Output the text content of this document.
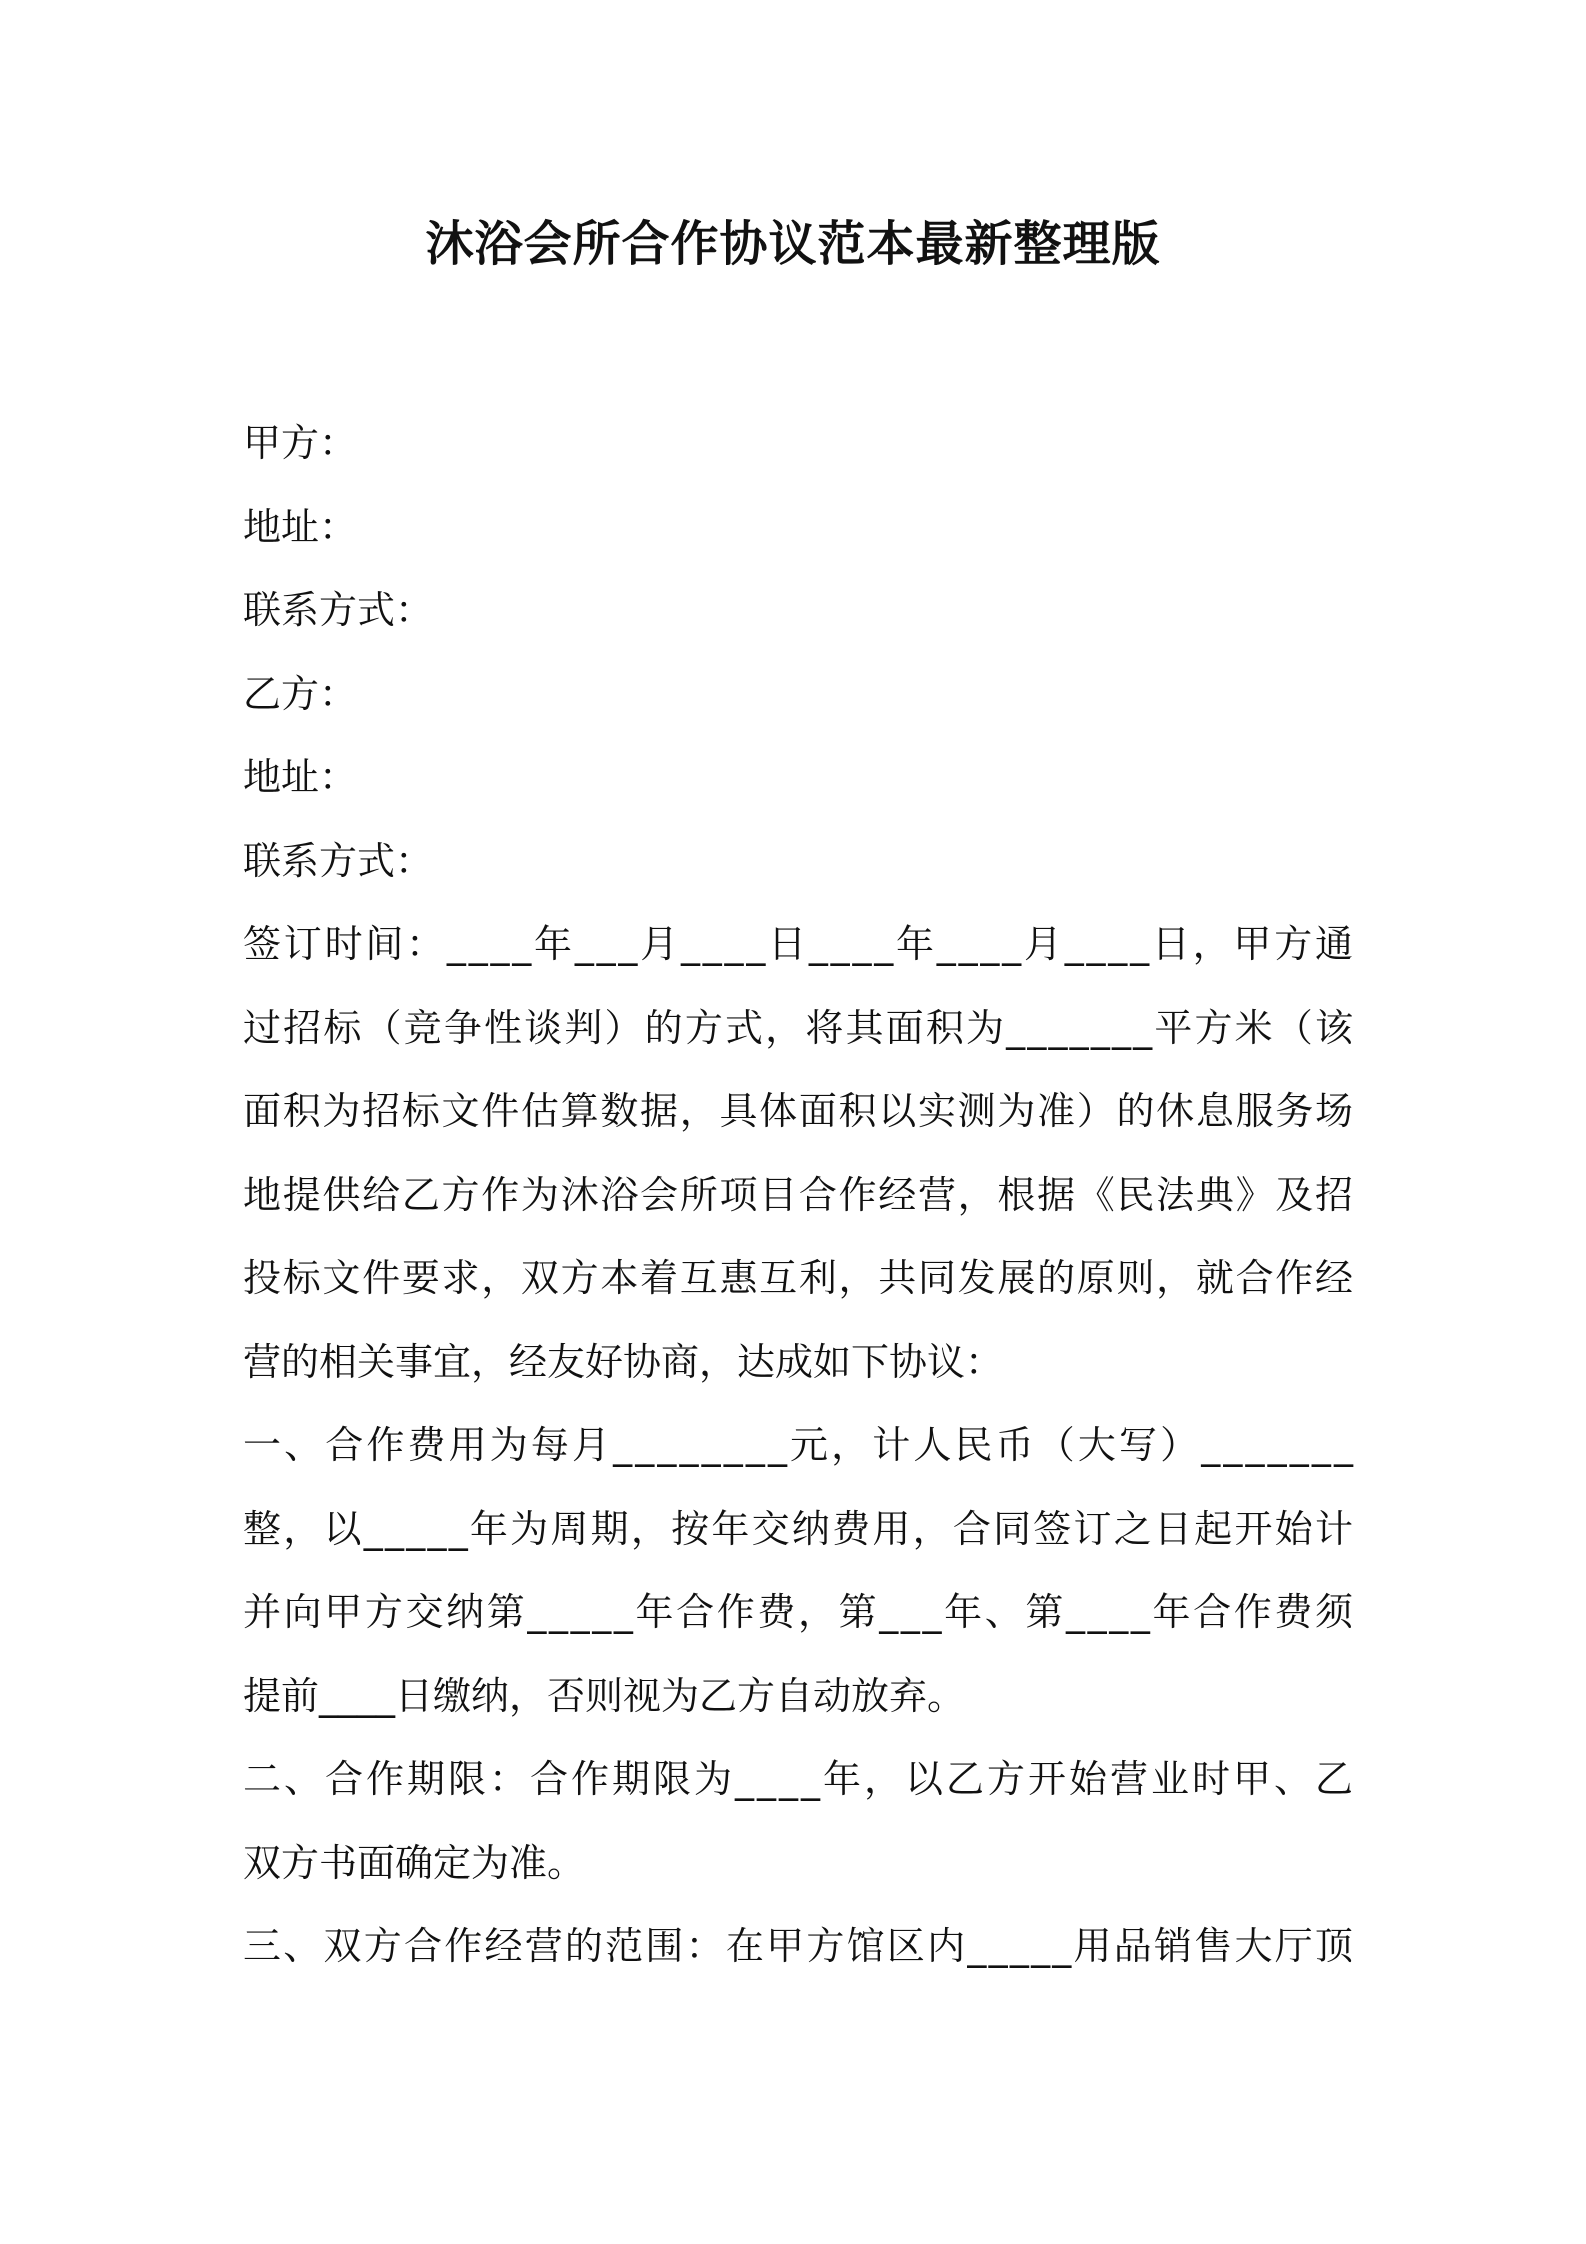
沐浴会所合作协议范本最新整理版
甲方：
地址：
联系方式：
乙方：
地址：
联系方式：
签订时间：____年___月____日____年____月____日，甲方通
过招标（竞争性谈判）的方式，将其面积为_______平方米（该
面积为招标文件估算数据，具体面积以实测为准）的休息服务场
地提供给乙方作为沐浴会所项目合作经营，根据《民法典》及招
投标文件要求，双方本着互惠互利，共同发展的原则，就合作经
营的相关事宜，经友好协商，达成如下协议：
一、合作费用为每月________元，计人民币（大写）_______
整，以_____年为周期，按年交纳费用，合同签订之日起开始计
并向甲方交纳第_____年合作费，第___年、第____年合作费须
提前____日缴纳，否则视为乙方自动放弃。
二、合作期限：合作期限为____年，以乙方开始营业时甲、乙
双方书面确定为准。
三、双方合作经营的范围：在甲方馆区内_____用品销售大厅顶
